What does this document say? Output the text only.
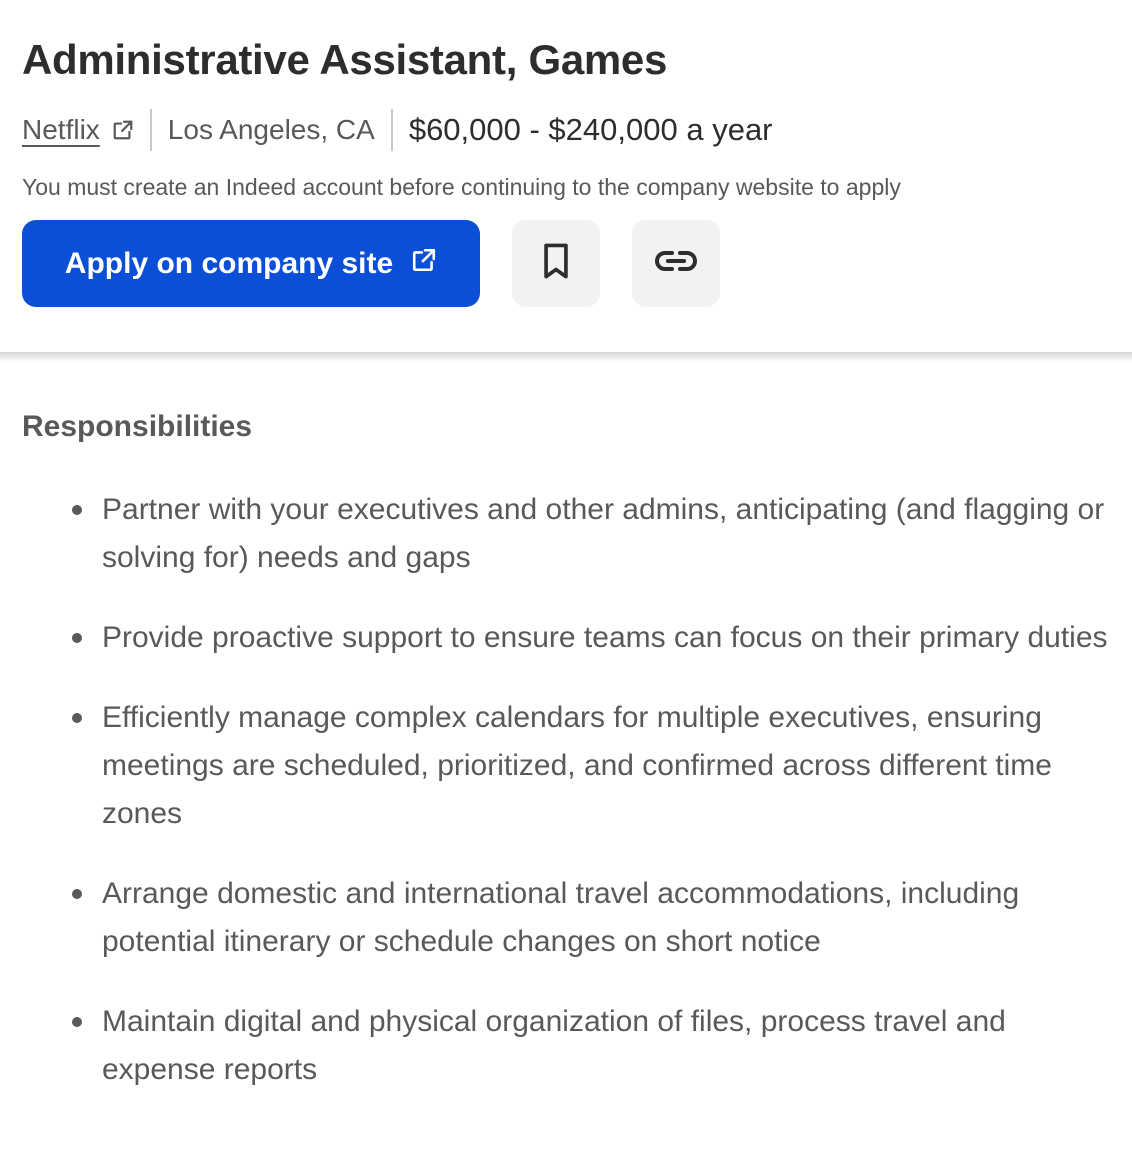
Administrative Assistant, Games
Netflix Los Angeles, CA $60,000 - $240,000 a year
You must create an Indeed account before continuing to the company website to apply
Apply on company site
Responsibilities
Partner with your executives and other admins, anticipating (and flagging or solving for) needs and gaps
Provide proactive support to ensure teams can focus on their primary duties
Efficiently manage complex calendars for multiple executives, ensuring meetings are scheduled, prioritized, and confirmed across different time zones
Arrange domestic and international travel accommodations, including potential itinerary or schedule changes on short notice
Maintain digital and physical organization of files, process travel and expense reports
